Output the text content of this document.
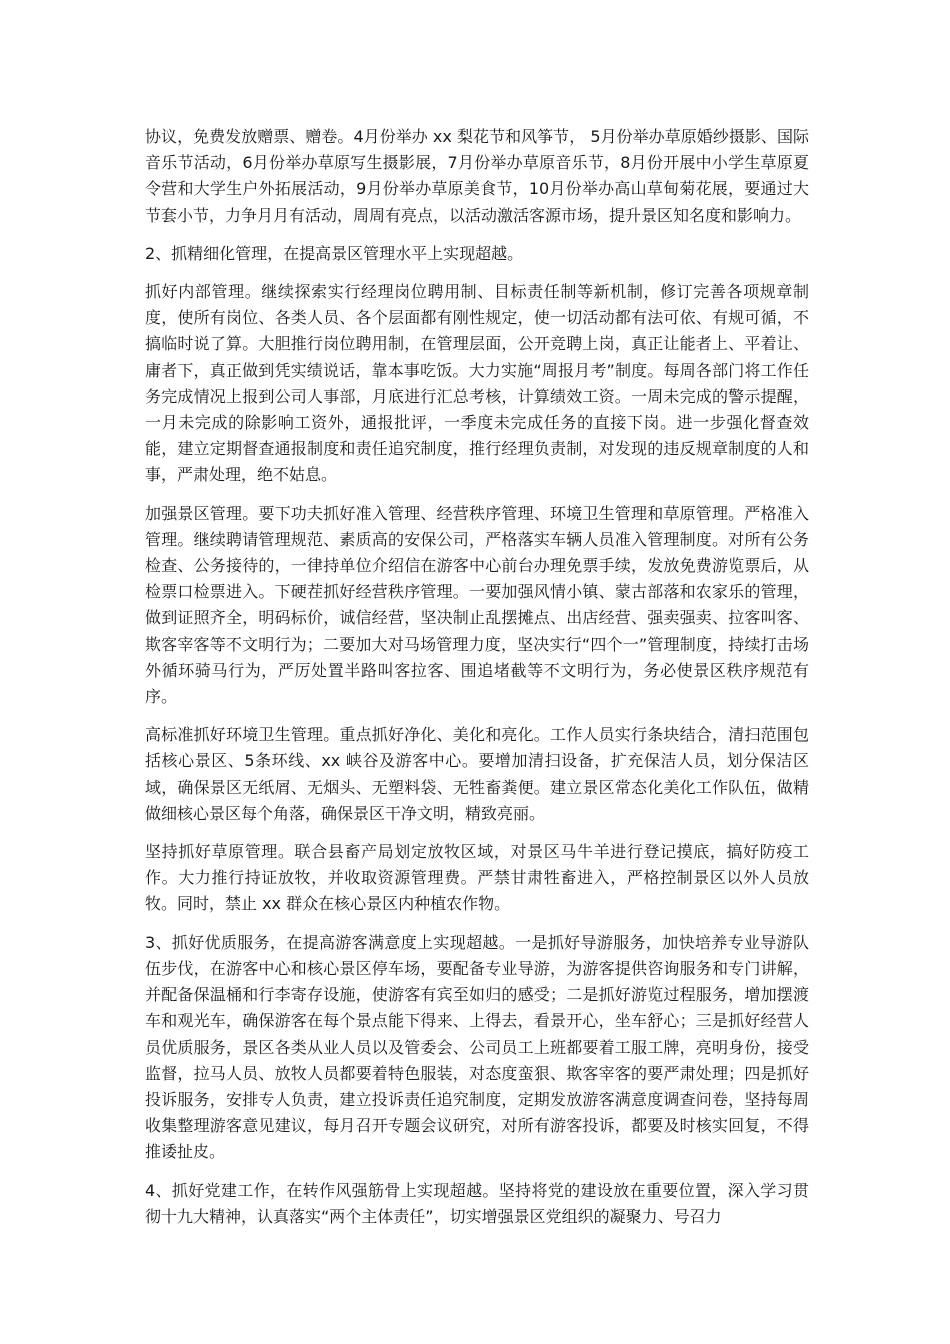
协议，免费发放赠票、赠卷。4月份举办 xx 梨花节和风筝节， 5月份举办草原婚纱摄影、国际音乐节活动，6月份举办草原写生摄影展，7月份举办草原音乐节，8月份开展中小学生草原夏令营和大学生户外拓展活动，9月份举办草原美食节，10月份举办高山草甸菊花展，要通过大节套小节，力争月月有活动，周周有亮点，以活动激活客源市场，提升景区知名度和影响力。

2、抓精细化管理，在提高景区管理水平上实现超越。

抓好内部管理。继续探索实行经理岗位聘用制、目标责任制等新机制，修订完善各项规章制度，使所有岗位、各类人员、各个层面都有刚性规定，使一切活动都有法可依、有规可循，不搞临时说了算。大胆推行岗位聘用制，在管理层面，公开竞聘上岗，真正让能者上、平着让、庸者下，真正做到凭实绩说话，靠本事吃饭。大力实施“周报月考”制度。每周各部门将工作任务完成情况上报到公司人事部，月底进行汇总考核，计算绩效工资。一周未完成的警示提醒，一月未完成的除影响工资外，通报批评，一季度未完成任务的直接下岗。进一步强化督查效能，建立定期督查通报制度和责任追究制度，推行经理负责制，对发现的违反规章制度的人和事，严肃处理，绝不姑息。

加强景区管理。要下功夫抓好准入管理、经营秩序管理、环境卫生管理和草原管理。严格准入管理。继续聘请管理规范、素质高的安保公司，严格落实车辆人员准入管理制度。对所有公务检查、公务接待的，一律持单位介绍信在游客中心前台办理免票手续，发放免费游览票后，从检票口检票进入。下硬茬抓好经营秩序管理。一要加强风情小镇、蒙古部落和农家乐的管理，做到证照齐全，明码标价，诚信经营，坚决制止乱摆摊点、出店经营、强卖强卖、拉客叫客、欺客宰客等不文明行为；二要加大对马场管理力度，坚决实行“四个一”管理制度，持续打击场外循环骑马行为，严厉处置半路叫客拉客、围追堵截等不文明行为，务必使景区秩序规范有序。

高标准抓好环境卫生管理。重点抓好净化、美化和亮化。工作人员实行条块结合，清扫范围包括核心景区、5条环线、xx 峡谷及游客中心。要增加清扫设备，扩充保洁人员，划分保洁区域，确保景区无纸屑、无烟头、无塑料袋、无牲畜粪便。建立景区常态化美化工作队伍，做精做细核心景区每个角落，确保景区干净文明，精致亮丽。

坚持抓好草原管理。联合县畜产局划定放牧区域，对景区马牛羊进行登记摸底，搞好防疫工作。大力推行持证放牧，并收取资源管理费。严禁甘肃牲畜进入，严格控制景区以外人员放牧。同时，禁止 xx 群众在核心景区内种植农作物。

3、抓好优质服务，在提高游客满意度上实现超越。一是抓好导游服务，加快培养专业导游队伍步伐，在游客中心和核心景区停车场，要配备专业导游，为游客提供咨询服务和专门讲解，并配备保温桶和行李寄存设施，使游客有宾至如归的感受；二是抓好游览过程服务，增加摆渡车和观光车，确保游客在每个景点能下得来、上得去，看景开心，坐车舒心；三是抓好经营人员优质服务，景区各类从业人员以及管委会、公司员工上班都要着工服工牌，亮明身份，接受监督，拉马人员、放牧人员都要着特色服装，对态度蛮狠、欺客宰客的要严肃处理；四是抓好投诉服务，安排专人负责，建立投诉责任追究制度，定期发放游客满意度调查问卷，坚持每周收集整理游客意见建议，每月召开专题会议研究，对所有游客投诉，都要及时核实回复，不得推诿扯皮。

4、抓好党建工作，在转作风强筋骨上实现超越。坚持将党的建设放在重要位置，深入学习贯彻十九大精神，认真落实“两个主体责任”，切实增强景区党组织的凝聚力、号召力
